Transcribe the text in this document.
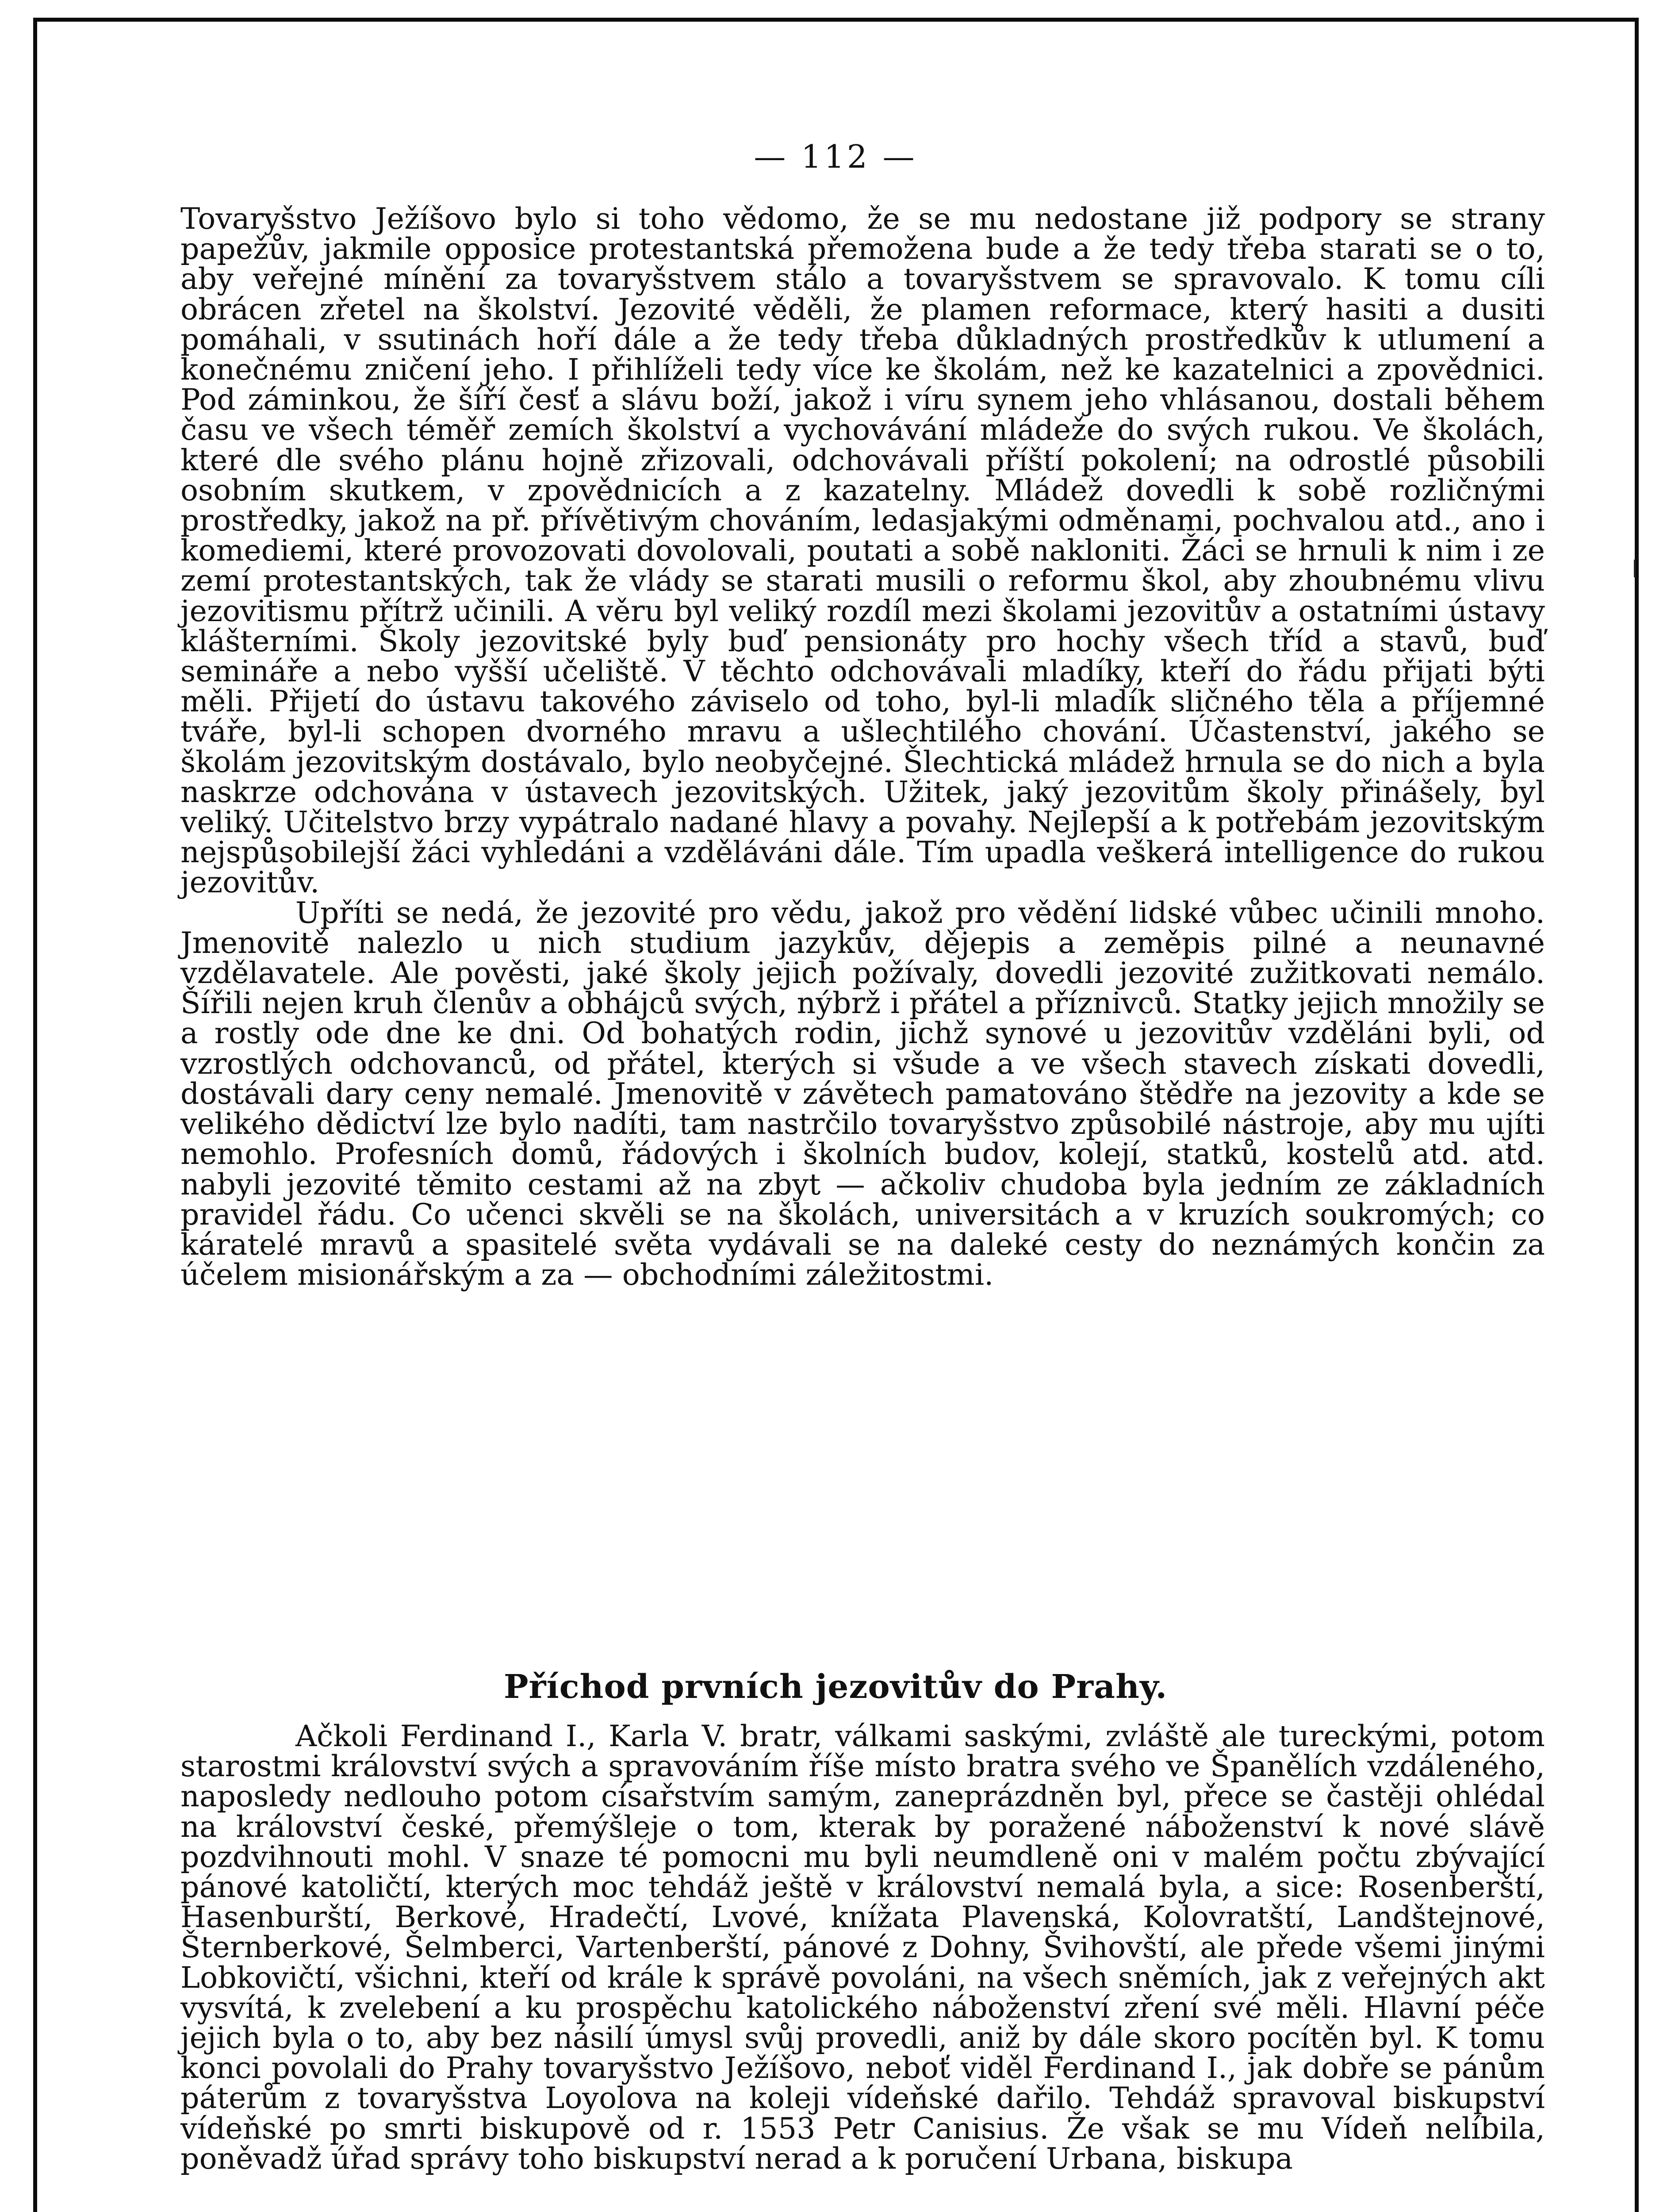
— 112 —

Tovaryšstvo Ježíšovo bylo si toho vědomo, že se mu nedostane již podpory se strany papežův, jakmile opposice protestantská přemožena bude a že tedy třeba starati se o to, aby veřejné mínění za tovaryšstvem stálo a tovaryšstvem se spravovalo. K tomu cíli obrácen zřetel na školství. Jezovité věděli, že plamen reformace, který hasiti a dusiti pomáhali, v ssutinách hoří dále a že tedy třeba důkladných prostředkův k utlumení a konečnému zničení jeho. I přihlíželi tedy více ke školám, než ke kazatelnici a zpovědnici. Pod záminkou, že šíří česť a slávu boží, jakož i víru synem jeho vhlásanou, dostali během času ve všech téměř zemích školství a vychovávání mládeže do svých rukou. Ve školách, které dle svého plánu hojně zřizovali, odchovávali příští pokolení; na odrostlé působili osobním skutkem, v zpovědnicích a z kazatelny. Mládež dovedli k sobě rozličnými prostředky, jakož na př. přívětivým chováním, ledasjakými odměnami, pochvalou atd., ano i komediemi, které provozovati dovolovali, poutati a sobě nakloniti. Žáci se hrnuli k nim i ze zemí protestantských, tak že vlády se starati musili o reformu škol, aby zhoubnému vlivu jezovitismu přítrž učinili. A věru byl veliký rozdíl mezi školami jezovitův a ostatními ústavy klášterními. Školy jezovitské byly buď pensionáty pro hochy všech tříd a stavů, buď semináře a nebo vyšší učeliště. V těchto odchovávali mladíky, kteří do řádu přijati býti měli. Přijetí do ústavu takového záviselo od toho, byl-li mladík sličného těla a příjemné tváře, byl-li schopen dvorného mravu a ušlechtilého chování. Účastenství, jakého se školám jezovitským dostávalo, bylo neobyčejné. Šlechtická mládež hrnula se do nich a byla naskrze odchována v ústavech jezovitských. Užitek, jaký jezovitům školy přinášely, byl veliký. Učitelstvo brzy vypátralo nadané hlavy a povahy. Nejlepší a k potřebám jezovitským nejspůsobilejší žáci vyhledáni a vzděláváni dále. Tím upadla veškerá intelligence do rukou jezovitův.

Upříti se nedá, že jezovité pro vědu, jakož pro vědění lidské vůbec učinili mnoho. Jmenovitě nalezlo u nich studium jazykův, dějepis a zeměpis pilné a neunavné vzdělavatele. Ale pověsti, jaké školy jejich požívaly, dovedli jezovité zužitkovati nemálo. Šířili nejen kruh členův a obhájců svých, nýbrž i přátel a příznivců. Statky jejich množily se a rostly ode dne ke dni. Od bohatých rodin, jichž synové u jezovitův vzděláni byli, od vzrostlých odchovanců, od přátel, kterých si všude a ve všech stavech získati dovedli, dostávali dary ceny nemalé. Jmenovitě v závětech pamatováno štědře na jezovity a kde se velikého dědictví lze bylo nadíti, tam nastrčilo tovaryšstvo způsobilé nástroje, aby mu ujíti nemohlo. Profesních domů, řádových i školních budov, kolejí, statků, kostelů atd. atd. nabyli jezovité těmito cestami až na zbyt — ačkoliv chudoba byla jedním ze základních pravidel řádu. Co učenci skvěli se na školách, universitách a v kruzích soukromých; co káratelé mravů a spasitelé světa vydávali se na daleké cesty do neznámých končin za účelem misionářským a za — obchodními záležitostmi.

Příchod prvních jezovitův do Prahy.

Ačkoli Ferdinand I., Karla V. bratr, válkami saskými, zvláště ale tureckými, potom starostmi království svých a spravováním říše místo bratra svého ve Španělích vzdáleného, naposledy nedlouho potom císařstvím samým, zaneprázdněn byl, přece se častěji ohlédal na království české, přemýšleje o tom, kterak by poražené náboženství k nové slávě pozdvihnouti mohl. V snaze té pomocni mu byli neumdleně oni v malém počtu zbývající pánové katoličtí, kterých moc tehdáž ještě v království nemalá byla, a sice: Rosenberští, Hasenburští, Berkové, Hradečtí, Lvové, knížata Plavenská, Kolovratští, Landštejnové, Šternberkové, Šelmberci, Vartenberští, pánové z Dohny, Švihovští, ale přede všemi jinými Lobkovičtí, všichni, kteří od krále k správě povoláni, na všech sněmích, jak z veřejných akt vysvítá, k zvelebení a ku prospěchu katolického náboženství zření své měli. Hlavní péče jejich byla o to, aby bez násilí úmysl svůj provedli, aniž by dále skoro pocítěn byl. K tomu konci povolali do Prahy tovaryšstvo Ježíšovo, neboť viděl Ferdinand I., jak dobře se pánům páterům z tovaryšstva Loyolova na koleji vídeňské dařilo. Tehdáž spravoval biskupství vídeňské po smrti biskupově od r. 1553 Petr Canisius. Že však se mu Vídeň nelíbila, poněvadž úřad správy toho biskupství nerad a k poručení Urbana, biskupa
